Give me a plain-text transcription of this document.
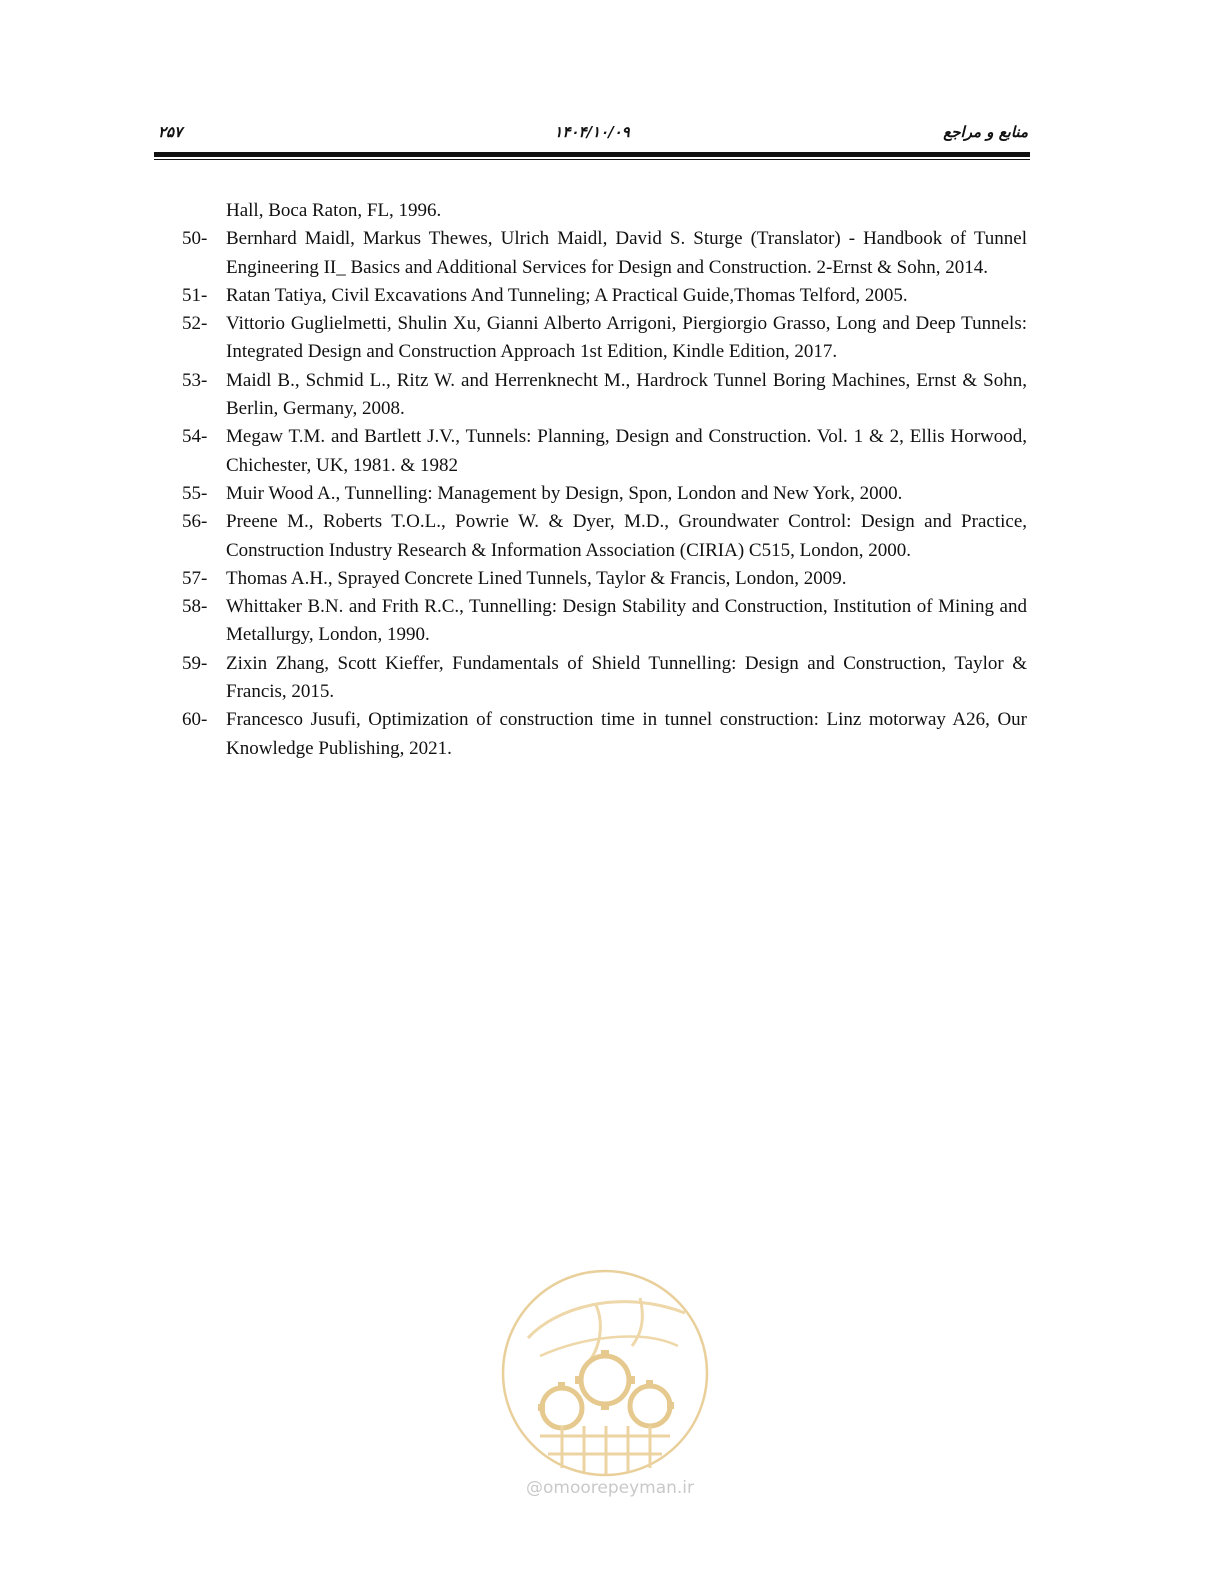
۲۵۷	۱۴۰۴/۱۰/۰۹	منابع و مراجع
Hall, Boca Raton, FL, 1996.
50- Bernhard Maidl, Markus Thewes, Ulrich Maidl, David S. Sturge (Translator) - Handbook of Tunnel Engineering II_ Basics and Additional Services for Design and Construction. 2-Ernst & Sohn, 2014.
51- Ratan Tatiya, Civil Excavations And Tunneling; A Practical Guide,Thomas Telford, 2005.
52- Vittorio Guglielmetti, Shulin Xu, Gianni Alberto Arrigoni, Piergiorgio Grasso, Long and Deep Tunnels: Integrated Design and Construction Approach 1st Edition, Kindle Edition, 2017.
53- Maidl B., Schmid L., Ritz W. and Herrenknecht M., Hardrock Tunnel Boring Machines, Ernst & Sohn, Berlin, Germany, 2008.
54- Megaw T.M. and Bartlett J.V., Tunnels: Planning, Design and Construction. Vol. 1 & 2, Ellis Horwood, Chichester, UK, 1981. & 1982
55- Muir Wood A., Tunnelling: Management by Design, Spon, London and New York, 2000.
56- Preene M., Roberts T.O.L., Powrie W. & Dyer, M.D., Groundwater Control: Design and Practice, Construction Industry Research & Information Association (CIRIA) C515, London, 2000.
57- Thomas A.H., Sprayed Concrete Lined Tunnels, Taylor & Francis, London, 2009.
58- Whittaker B.N. and Frith R.C., Tunnelling: Design Stability and Construction, Institution of Mining and Metallurgy, London, 1990.
59- Zixin Zhang, Scott Kieffer, Fundamentals of Shield Tunnelling: Design and Construction, Taylor & Francis, 2015.
60- Francesco Jusufi, Optimization of construction time in tunnel construction: Linz motorway A26, Our Knowledge Publishing, 2021.
@omoorepeyman.ir
